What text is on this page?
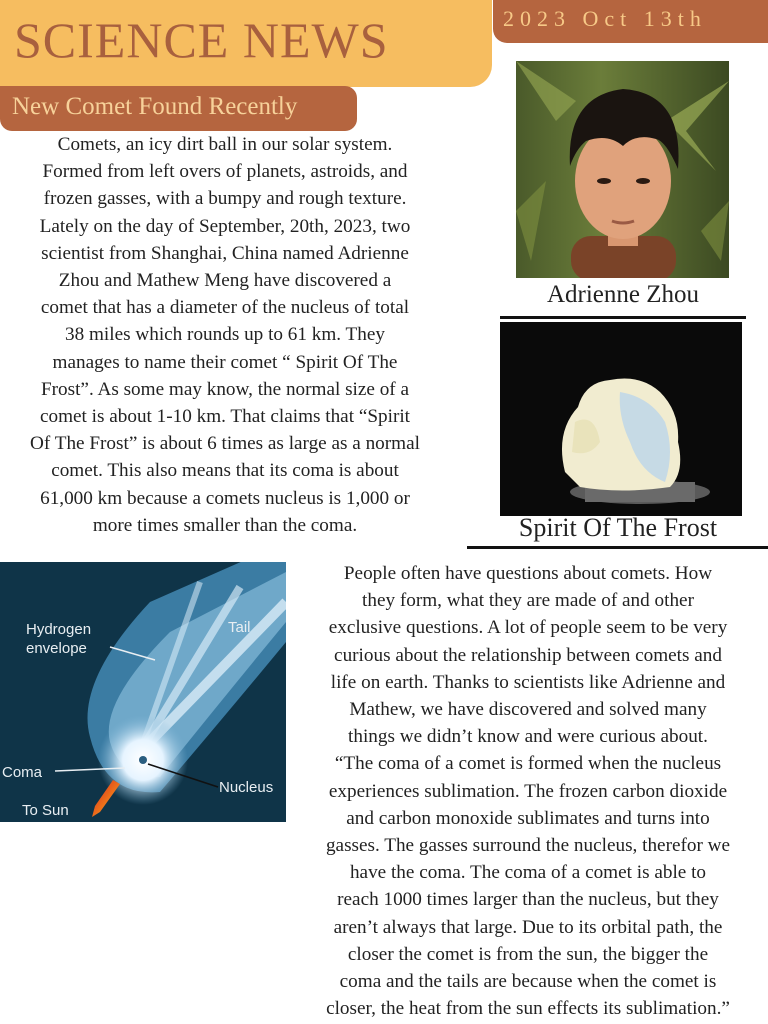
SCIENCE NEWS	2023 Oct 13th
New Comet Found Recently
Comets, an icy dirt ball in our solar system.
Formed from left overs of planets, astroids, and
frozen gasses, with a bumpy and rough texture.
Lately on the day of September, 20th, 2023, two
scientist from Shanghai, China named Adrienne
Zhou and Mathew Meng have discovered a
comet that has a diameter of the nucleus of total
38 miles which rounds up to 61 km. They
manages to name their comet “ Spirit Of The
Frost”. As some may know, the normal size of a
comet is about 1-10 km. That claims that “Spirit
Of The Frost” is about 6 times as large as a normal
comet. This also means that its coma is about
61,000 km because a comets nucleus is 1,000 or
more times smaller than the coma.
Adrienne Zhou
Spirit Of The Frost
Hydrogen
envelope
Tail
Coma
Nucleus
To Sun
People often have questions about comets. How
they form, what they are made of and other
exclusive questions. A lot of people seem to be very
curious about the relationship between comets and
life on earth. Thanks to scientists like Adrienne and
Mathew, we have discovered and solved many
things we didn’t know and were curious about.
“The coma of a comet is formed when the nucleus
experiences sublimation. The frozen carbon dioxide
and carbon monoxide sublimates and turns into
gasses. The gasses surround the nucleus, therefor we
have the coma. The coma of a comet is able to
reach 1000 times larger than the nucleus, but they
aren’t always that large. Due to its orbital path, the
closer the comet is from the sun, the bigger the
coma and the tails are because when the comet is
closer, the heat from the sun effects its sublimation.”
